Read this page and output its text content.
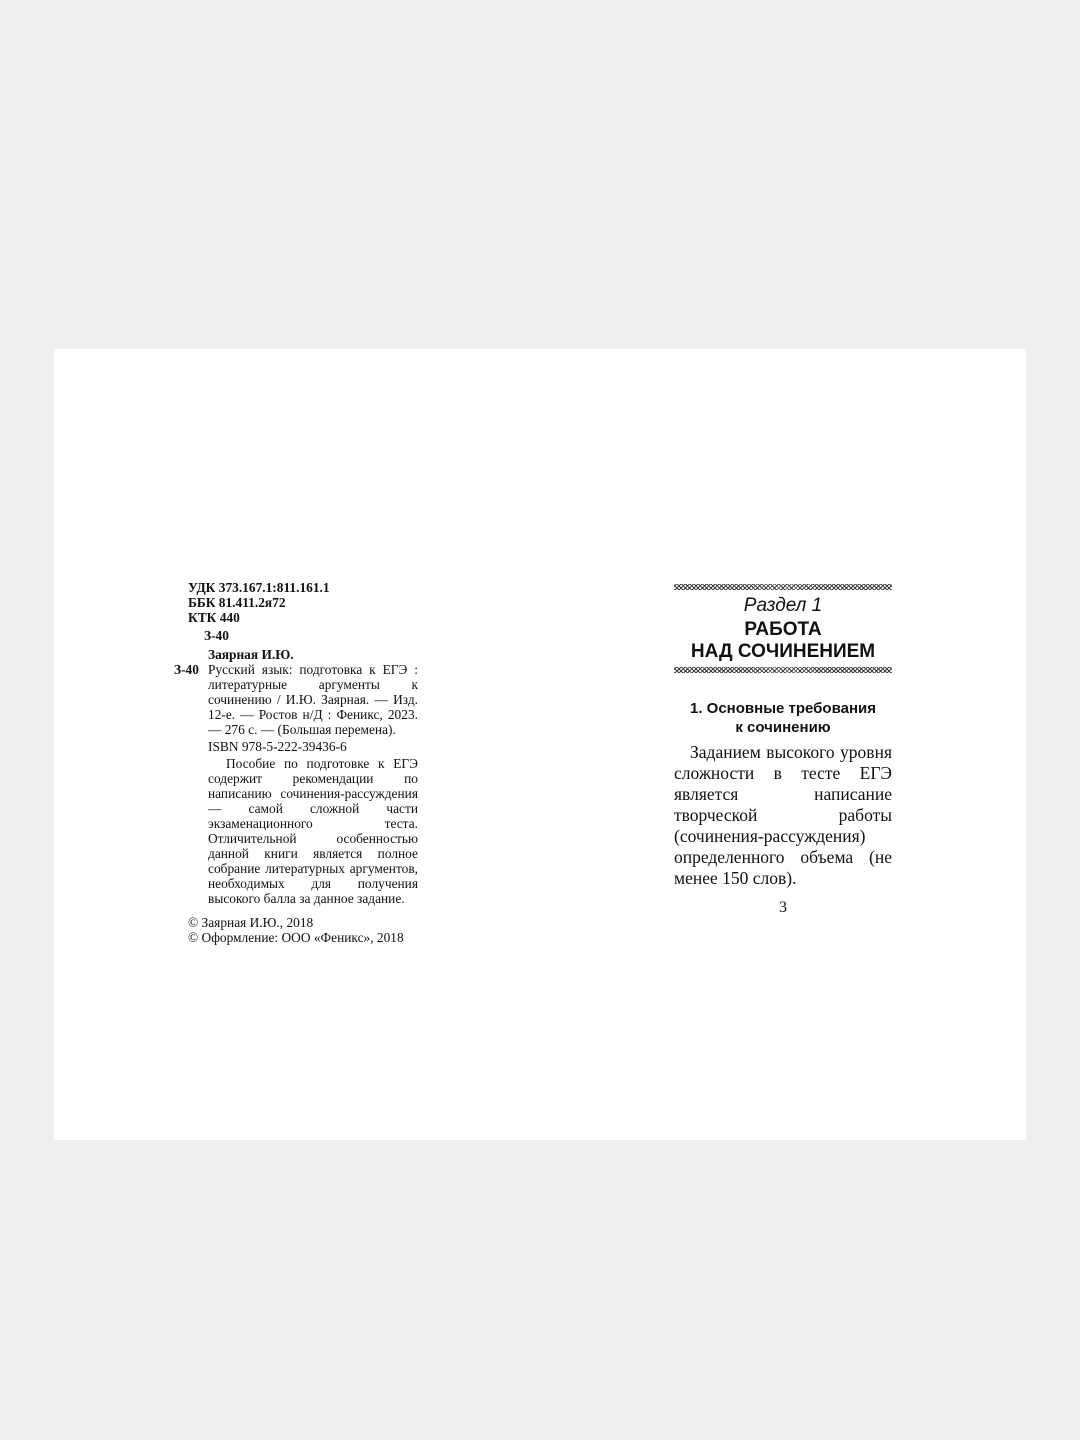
УДК 373.167.1:811.161.1
ББК 81.411.2я72
КТК 440
З-40
З-40
Заярная И.Ю.
Русский язык: подготовка к ЕГЭ : литературные аргументы к сочинению / И.Ю. Заярная. — Изд. 12-е. — Ростов н/Д : Феникс, 2023. — 276 с. — (Большая перемена).
ISBN 978-5-222-39436-6
Пособие по подготовке к ЕГЭ содержит рекомендации по написанию сочинения-рассуждения — самой сложной части экзаменационного теста. Отличительной особенностью данной книги является полное собрание литературных аргументов, необходимых для получения высокого балла за данное задание.
© Заярная И.Ю., 2018
© Оформление: ООО «Феникс», 2018
Раздел 1
РАБОТА
НАД СОЧИНЕНИЕМ
1. Основные требования
к сочинению
Заданием высокого уровня сложности в тесте ЕГЭ является написание творческой работы (сочинения-рассуждения) определенного объема (не менее 150 слов).
3
